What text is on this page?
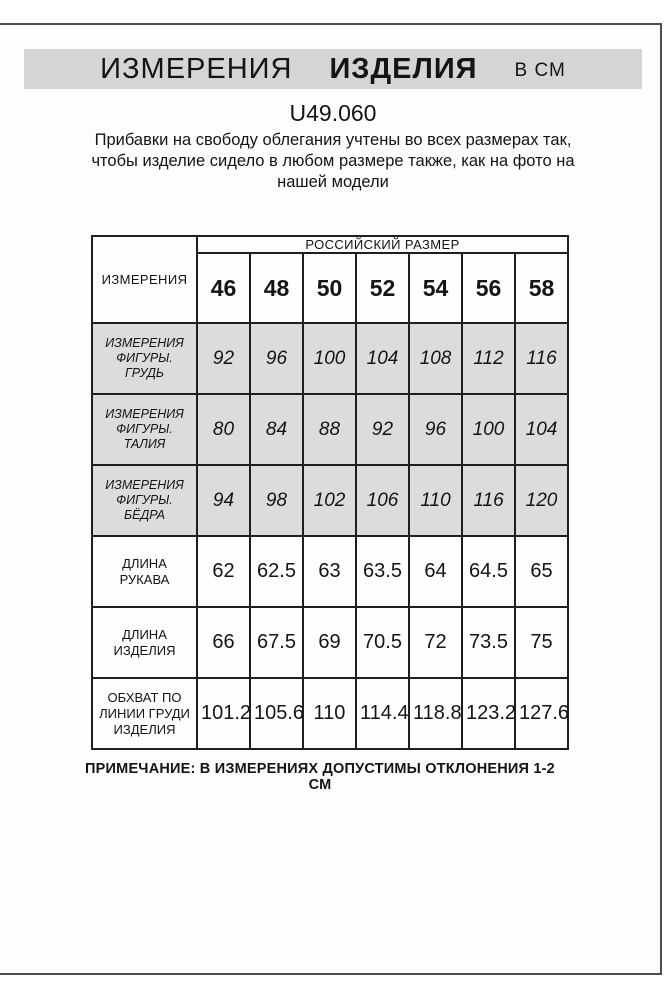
ИЗМЕРЕНИЯ ИЗДЕЛИЯ В СМ
U49.060
Прибавки на свободу облегания учтены во всех размерах так,
чтобы изделие сидело в любом размере также, как на фото на
нашей модели
ИЗМЕРЕНИЯ	РОССИЙСКИЙ РАЗМЕР						
	46	48	50	52	54	56	58
ИЗМЕРЕНИЯ
ФИГУРЫ. ГРУДЬ	92	96	100	104	108	112	116
ИЗМЕРЕНИЯ
ФИГУРЫ. ТАЛИЯ	80	84	88	92	96	100	104
ИЗМЕРЕНИЯ
ФИГУРЫ. БЁДРА	94	98	102	106	110	116	120
ДЛИНА РУКАВА	62	62.5	63	63.5	64	64.5	65
ДЛИНА ИЗДЕЛИЯ	66	67.5	69	70.5	72	73.5	75
ОБХВАТ ПО
ЛИНИИ ГРУДИ
ИЗДЕЛИЯ	101.2	105.6	110	114.4	118.8	123.2	127.6
ПРИМЕЧАНИЕ: В ИЗМЕРЕНИЯХ ДОПУСТИМЫ ОТКЛОНЕНИЯ 1-2 СМ
